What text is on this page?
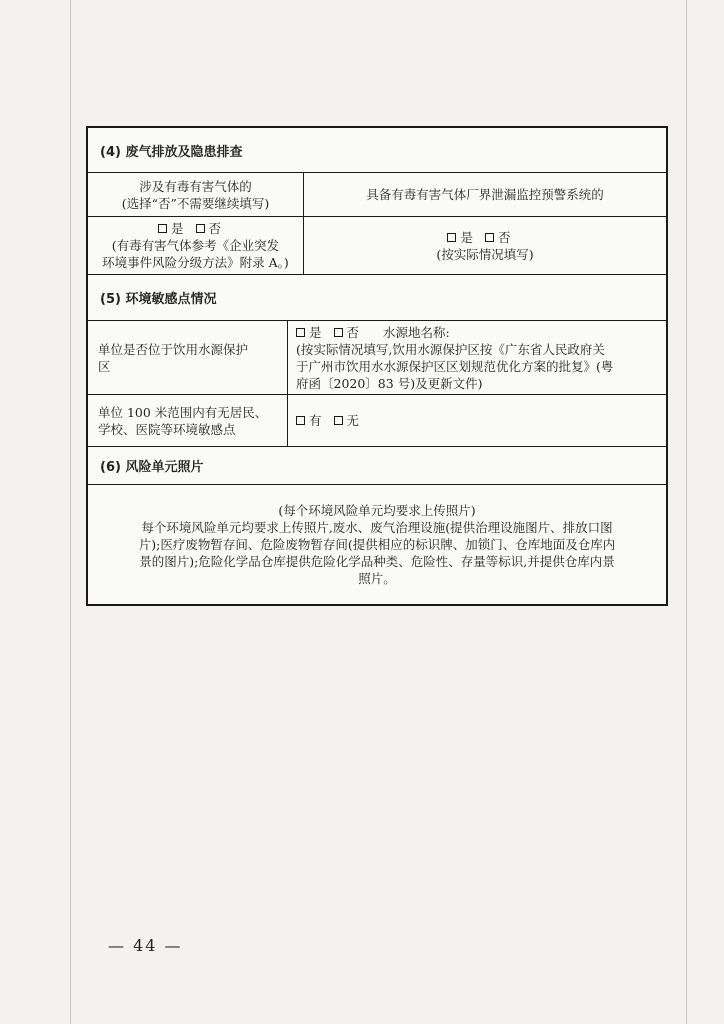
(4) 废气排放及隐患排查
涉及有毒有害气体的
(选择“否”不需要继续填写)
具备有毒有害气体厂界泄漏监控预警系统的
是 否
(有毒有害气体参考《企业突发
环境事件风险分级方法》附录 A。)
是 否
(按实际情况填写)
(5) 环境敏感点情况
单位是否位于饮用水源保护
区
是 否 水源地名称:
(按实际情况填写,饮用水源保护区按《广东省人民政府关
于广州市饮用水水源保护区区划规范优化方案的批复》(粤
府函〔2020〕83 号)及更新文件)
单位 100 米范围内有无居民、
学校、医院等环境敏感点
有 无
(6) 风险单元照片
(每个环境风险单元均要求上传照片)
每个环境风险单元均要求上传照片,废水、废气治理设施(提供治理设施图片、排放口图
片);医疗废物暂存间、危险废物暂存间(提供相应的标识牌、加锁门、仓库地面及仓库内
景的图片);危险化学品仓库提供危险化学品种类、危险性、存量等标识,并提供仓库内景
照片。
— 44 —
